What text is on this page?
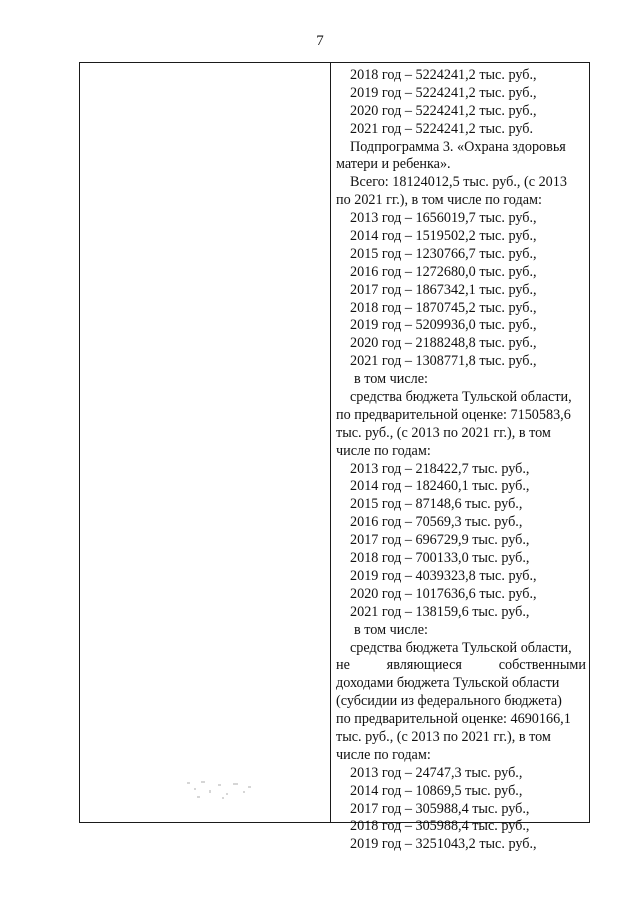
7
2018 год – 5224241,2 тыс. руб.,
2019 год – 5224241,2 тыс. руб.,
2020 год – 5224241,2 тыс. руб.,
2021 год – 5224241,2 тыс. руб.
Подпрограмма 3. «Охрана здоровья
матери и ребенка».
Всего: 18124012,5 тыс. руб., (с 2013
по 2021 гг.), в том числе по годам:
2013 год – 1656019,7 тыс. руб.,
2014 год – 1519502,2 тыс. руб.,
2015 год – 1230766,7 тыс. руб.,
2016 год – 1272680,0 тыс. руб.,
2017 год – 1867342,1 тыс. руб.,
2018 год – 1870745,2 тыс. руб.,
2019 год – 5209936,0 тыс. руб.,
2020 год – 2188248,8 тыс. руб.,
2021 год – 1308771,8 тыс. руб.,
в том числе:
средства бюджета Тульской области,
по предварительной оценке: 7150583,6
тыс. руб., (с 2013 по 2021 гг.), в том
числе по годам:
2013 год – 218422,7 тыс. руб.,
2014 год – 182460,1 тыс. руб.,
2015 год – 87148,6 тыс. руб.,
2016 год – 70569,3 тыс. руб.,
2017 год – 696729,9 тыс. руб.,
2018 год – 700133,0 тыс. руб.,
2019 год – 4039323,8 тыс. руб.,
2020 год – 1017636,6 тыс. руб.,
2021 год – 138159,6 тыс. руб.,
в том числе:
средства бюджета Тульской области,
не	являющиеся	собственными
доходами бюджета Тульской области
(субсидии из федерального бюджета)
по предварительной оценке: 4690166,1
тыс. руб., (с 2013 по 2021 гг.), в том
числе по годам:
2013 год – 24747,3 тыс. руб.,
2014 год – 10869,5 тыс. руб.,
2017 год – 305988,4 тыс. руб.,
2018 год – 305988,4 тыс. руб.,
2019 год – 3251043,2 тыс. руб.,
